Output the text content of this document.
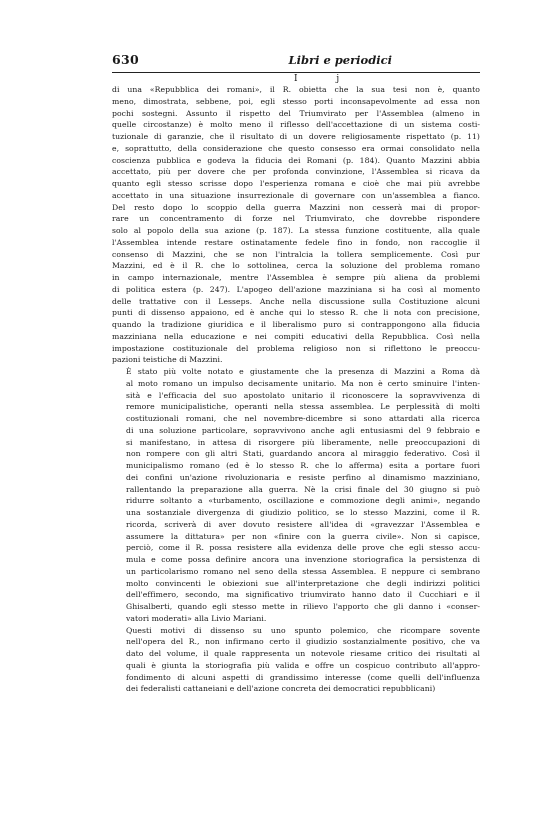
630	Libri e periodici
I j
di una «Repubblica dei romani», il R. obietta che la sua tesi non è, quanto
meno, dimostrata, sebbene, poi, egli stesso porti inconsapevolmente ad essa non
pochi sostegni. Assunto il rispetto del Triumvirato per l'Assemblea (almeno in
quelle circostanze) è molto meno il riflesso dell'accettazione di un sistema costi-
tuzionale di garanzie, che il risultato di un dovere religiosamente rispettato (p. 11)
e, soprattutto, della considerazione che questo consesso era ormai consolidato nella
coscienza pubblica e godeva la fiducia dei Romani (p. 184). Quanto Mazzini abbia
accettato, più per dovere che per profonda convinzione, l'Assemblea si ricava da
quanto egli stesso scrisse dopo l'esperienza romana e cioè che mai più avrebbe
accettato in una situazione insurrezionale di governare con un'assemblea a fianco.
Del resto dopo lo scoppio della guerra Mazzini non cesserà mai di propor-
rare un concentramento di forze nel Triumvirato, che dovrebbe rispondere
solo al popolo della sua azione (p. 187). La stessa funzione costituente, alla quale
l'Assemblea intende restare ostinatamente fedele fino in fondo, non raccoglie il
consenso di Mazzini, che se non l'intralcia la tollera semplicemente. Così pur
Mazzini, ed è il R. che lo sottolinea, cerca la soluzione del problema romano
in campo internazionale, mentre l'Assemblea è sempre più aliena da problemi
di politica estera (p. 247). L'apogeo dell'azione mazziniana si ha così al momento
delle trattative con il Lesseps. Anche nella discussione sulla Costituzione alcuni
punti di dissenso appaiono, ed è anche qui lo stesso R. che li nota con precisione,
quando la tradizione giuridica e il liberalismo puro si contrappongono alla fiducia
mazziniana nella educazione e nei compiti educativi della Repubblica. Così nella
impostazione costituzionale del problema religioso non si riflettono le preoccu-
pazioni teistiche di Mazzini.
È stato più volte notato e giustamente che la presenza di Mazzini a Roma dà
al moto romano un impulso decisamente unitario. Ma non è certo sminuire l'inten-
sità e l'efficacia del suo apostolato unitario il riconoscere la sopravvivenza di
remore municipalistiche, operanti nella stessa assemblea. Le perplessità di molti
costituzionali romani, che nel novembre-dicembre si sono attardati alla ricerca
di una soluzione particolare, sopravvivono anche agli entusiasmi del 9 febbraio e
si manifestano, in attesa di risorgere più liberamente, nelle preoccupazioni di
non rompere con gli altri Stati, guardando ancora al miraggio federativo. Così il
municipalismo romano (ed è lo stesso R. che lo afferma) esita a portare fuori
dei confini un'azione rivoluzionaria e resiste perfino al dinamismo mazziniano,
rallentando la preparazione alla guerra. Nè la crisi finale del 30 giugno si può
ridurre soltanto a «turbamento, oscillazione e commozione degli animi», negando
una sostanziale divergenza di giudizio politico, se lo stesso Mazzini, come il R.
ricorda, scriverà di aver dovuto resistere all'idea di «gravezzar l'Assemblea e
assumere la dittatura» per non «finire con la guerra civile». Non si capisce,
perciò, come il R. possa resistere alla evidenza delle prove che egli stesso accu-
mula e come possa definire ancora una invenzione storiografica la persistenza di
un particolarismo romano nel seno della stessa Assemblea. E neppure ci sembrano
molto convincenti le obiezioni sue all'interpretazione che degli indirizzi politici
dell'effimero, secondo, ma significativo triumvirato hanno dato il Cucchiari e il
Ghisalberti, quando egli stesso mette in rilievo l'apporto che gli danno i «conser-
vatori moderati» alla Livio Mariani.
Questi motivi di dissenso su uno spunto polemico, che ricompare sovente
nell'opera del R., non infirmano certo il giudizio sostanzialmente positivo, che va
dato del volume, il quale rappresenta un notevole riesame critico dei risultati al
quali è giunta la storiografia più valida e offre un cospicuo contributo all'appro-
fondimento di alcuni aspetti di grandissimo interesse (come quelli dell'influenza
dei federalisti cattaneiani e dell'azione concreta dei democratici repubblicani)
